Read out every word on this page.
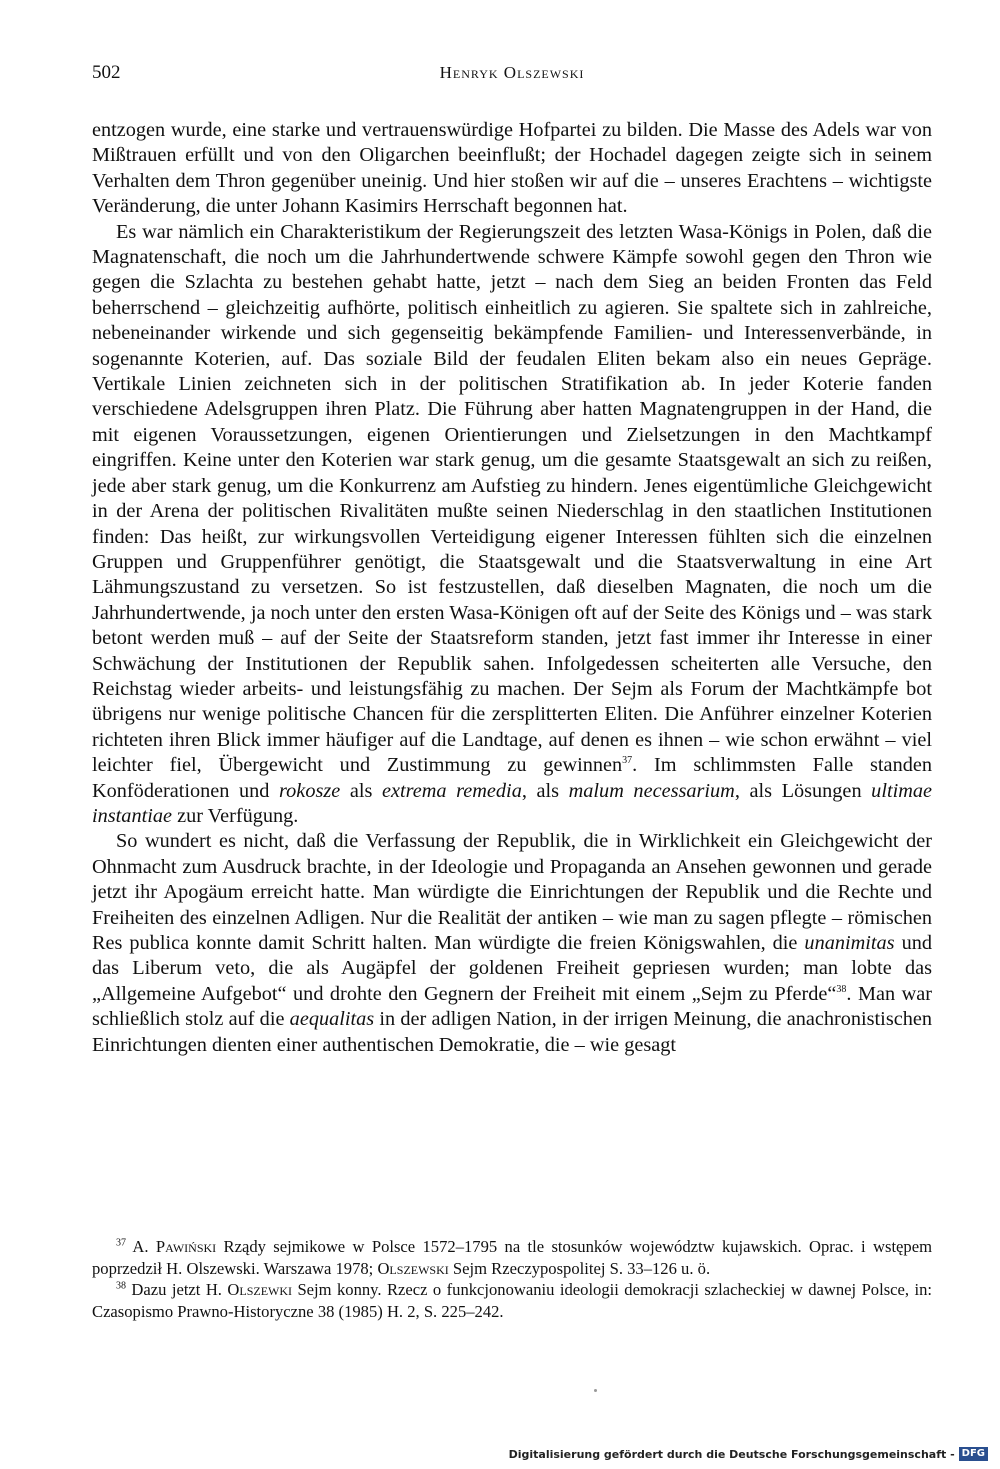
502	Henryk Olszewski

entzogen wurde, eine starke und vertrauenswürdige Hofpartei zu bilden. Die Masse des Adels war von Mißtrauen erfüllt und von den Oligarchen beeinflußt; der Hochadel dagegen zeigte sich in seinem Verhalten dem Thron gegenüber uneinig. Und hier stoßen wir auf die – unseres Erachtens – wichtigste Veränderung, die unter Johann Kasimirs Herrschaft begonnen hat.

Es war nämlich ein Charakteristikum der Regierungszeit des letzten Wasa-Königs in Polen, daß die Magnatenschaft, die noch um die Jahrhundertwende schwere Kämpfe sowohl gegen den Thron wie gegen die Szlachta zu bestehen gehabt hatte, jetzt – nach dem Sieg an beiden Fronten das Feld beherrschend – gleichzeitig aufhörte, politisch einheitlich zu agieren. Sie spaltete sich in zahlreiche, nebeneinander wirkende und sich gegenseitig bekämpfende Familien- und Interessenverbände, in sogenannte Koterien, auf. Das soziale Bild der feudalen Eliten bekam also ein neues Gepräge. Vertikale Linien zeichneten sich in der politischen Stratifikation ab. In jeder Koterie fanden verschiedene Adelsgruppen ihren Platz. Die Führung aber hatten Magnatengruppen in der Hand, die mit eigenen Voraussetzungen, eigenen Orientierungen und Zielsetzungen in den Machtkampf eingriffen. Keine unter den Koterien war stark genug, um die gesamte Staatsgewalt an sich zu reißen, jede aber stark genug, um die Konkurrenz am Aufstieg zu hindern. Jenes eigentümliche Gleichgewicht in der Arena der politischen Rivalitäten mußte seinen Niederschlag in den staatlichen Institutionen finden: Das heißt, zur wirkungsvollen Verteidigung eigener Interessen fühlten sich die einzelnen Gruppen und Gruppenführer genötigt, die Staatsgewalt und die Staatsverwaltung in eine Art Lähmungszustand zu versetzen. So ist festzustellen, daß dieselben Magnaten, die noch um die Jahrhundertwende, ja noch unter den ersten Wasa-Königen oft auf der Seite des Königs und – was stark betont werden muß – auf der Seite der Staatsreform standen, jetzt fast immer ihr Interesse in einer Schwächung der Institutionen der Republik sahen. Infolgedessen scheiterten alle Versuche, den Reichstag wieder arbeits- und leistungsfähig zu machen. Der Sejm als Forum der Machtkämpfe bot übrigens nur wenige politische Chancen für die zersplitterten Eliten. Die Anführer einzelner Koterien richteten ihren Blick immer häufiger auf die Landtage, auf denen es ihnen – wie schon erwähnt – viel leichter fiel, Übergewicht und Zustimmung zu gewinnen$^{37}$. Im schlimmsten Falle standen Konföderationen und rokosze als extrema remedia, als malum necessarium, als Lösungen ultimae instantiae zur Verfügung.

So wundert es nicht, daß die Verfassung der Republik, die in Wirklichkeit ein Gleichgewicht der Ohnmacht zum Ausdruck brachte, in der Ideologie und Propaganda an Ansehen gewonnen und gerade jetzt ihr Apogäum erreicht hatte. Man würdigte die Einrichtungen der Republik und die Rechte und Freiheiten des einzelnen Adligen. Nur die Realität der antiken – wie man zu sagen pflegte – römischen Res publica konnte damit Schritt halten. Man würdigte die freien Königswahlen, die unanimitas und das Liberum veto, die als Augäpfel der goldenen Freiheit gepriesen wurden; man lobte das „Allgemeine Aufgebot“ und drohte den Gegnern der Freiheit mit einem „Sejm zu Pferde“$^{38}$. Man war schließlich stolz auf die aequalitas in der adligen Nation, in der irrigen Meinung, die anachronistischen Einrichtungen dienten einer authentischen Demokratie, die – wie gesagt

$^{37}$ A. Pawiński Rządy sejmikowe w Polsce 1572–1795 na tle stosunków województw kujawskich. Oprac. i wstępem poprzedził H. Olszewski. Warszawa 1978; Olszewski Sejm Rzeczypospolitej S. 33–126 u. ö.

$^{38}$ Dazu jetzt H. Olszewki Sejm konny. Rzecz o funkcjonowaniu ideologii demokracji szlacheckiej w dawnej Polsce, in: Czasopismo Prawno-Historyczne 38 (1985) H. 2, S. 225–242.

Digitalisierung gefördert durch die Deutsche Forschungsgemeinschaft - DFG
